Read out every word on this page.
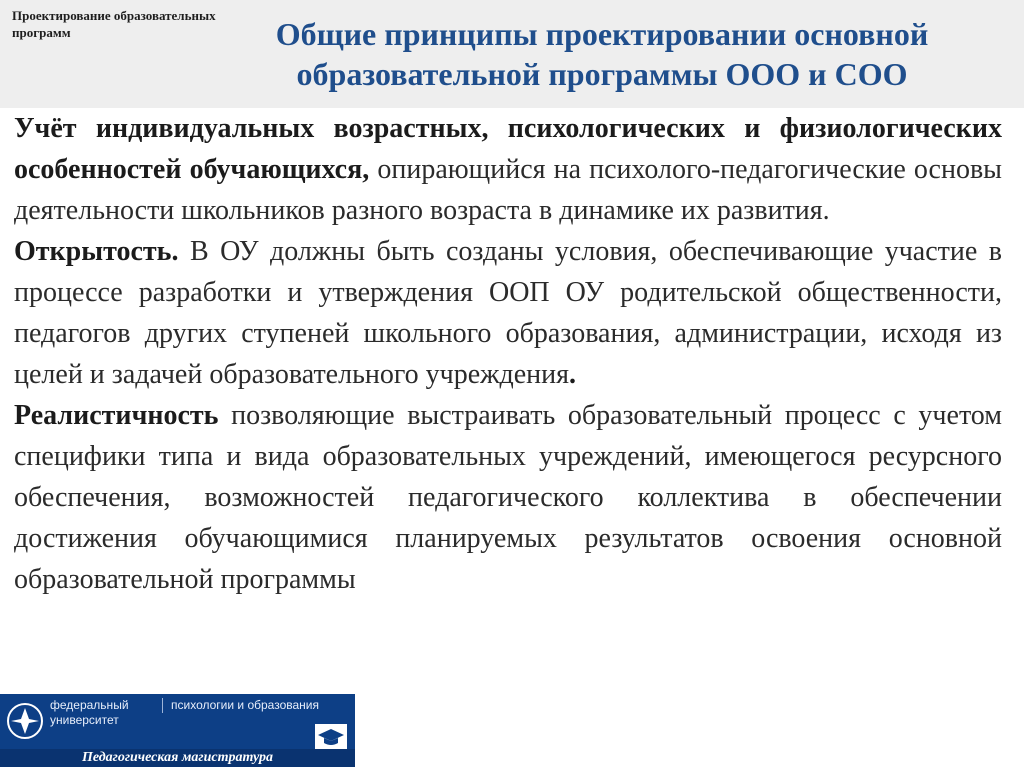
Проектирование образовательных
программ	Общие принципы проектировании основной
образовательной программы ООО и СОО

Учёт индивидуальных возрастных, психологических и физиологических особенностей обучающихся, опирающийся на психолого-педагогические основы деятельности школьников разного возраста в динамике их развития.

Открытость. В ОУ должны быть созданы условия, обеспечивающие участие в процессе разработки и утверждения ООП ОУ родительской общественности, педагогов других ступеней школьного образования, администрации, исходя из целей и задачей образовательного учреждения.

Реалистичность позволяющие выстраивать образовательный процесс с учетом специфики типа и вида образовательных учреждений, имеющегося ресурсного обеспечения, возможностей педагогического коллектива в обеспечении достижения обучающимися планируемых результатов освоения основной образовательной программы

федеральный
университет
психологии и образования
Педагогическая магистратура
